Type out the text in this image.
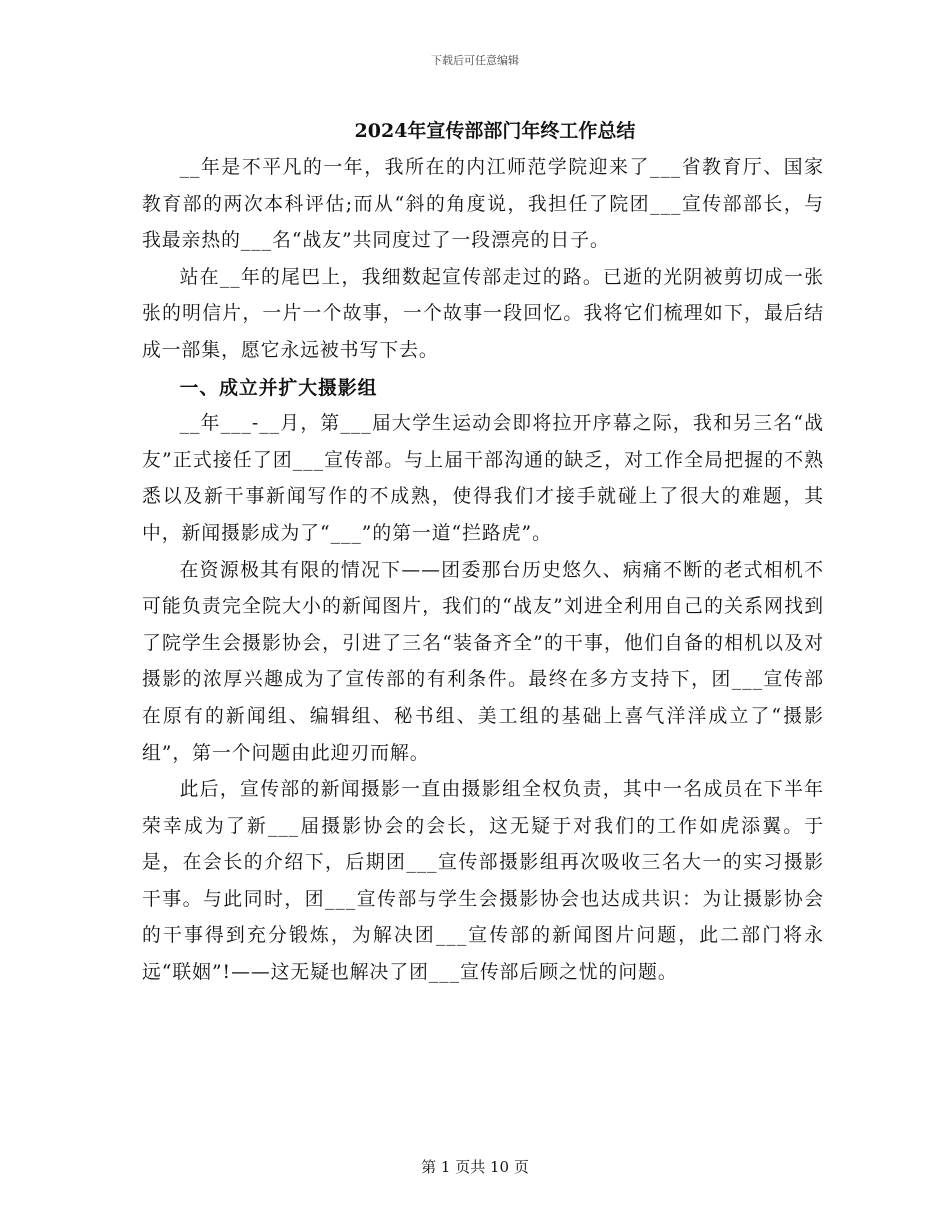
下载后可任意编辑
2024年宣传部部门年终工作总结

__年是不平凡的一年，我所在的内江师范学院迎来了___省教育厅、国家教育部的两次本科评估;而从“斜的角度说，我担任了院团___宣传部部长，与我最亲热的___名“战友”共同度过了一段漂亮的日子。

站在__年的尾巴上，我细数起宣传部走过的路。已逝的光阴被剪切成一张张的明信片，一片一个故事，一个故事一段回忆。我将它们梳理如下，最后结成一部集，愿它永远被书写下去。

一、成立并扩大摄影组

__年___-__月，第___届大学生运动会即将拉开序幕之际，我和另三名“战友”正式接任了团___宣传部。与上届干部沟通的缺乏，对工作全局把握的不熟悉以及新干事新闻写作的不成熟，使得我们才接手就碰上了很大的难题，其中，新闻摄影成为了“___”的第一道“拦路虎”。

在资源极其有限的情况下——团委那台历史悠久、病痛不断的老式相机不可能负责完全院大小的新闻图片，我们的“战友”刘进全利用自己的关系网找到了院学生会摄影协会，引进了三名“装备齐全”的干事，他们自备的相机以及对摄影的浓厚兴趣成为了宣传部的有利条件。最终在多方支持下，团___宣传部在原有的新闻组、编辑组、秘书组、美工组的基础上喜气洋洋成立了“摄影组”，第一个问题由此迎刃而解。

此后，宣传部的新闻摄影一直由摄影组全权负责，其中一名成员在下半年荣幸成为了新___届摄影协会的会长，这无疑于对我们的工作如虎添翼。于是，在会长的介绍下，后期团___宣传部摄影组再次吸收三名大一的实习摄影干事。与此同时，团___宣传部与学生会摄影协会也达成共识：为让摄影协会的干事得到充分锻炼，为解决团___宣传部的新闻图片问题，此二部门将永远“联姻”!——这无疑也解决了团___宣传部后顾之忧的问题。

第 1 页共 10 页
